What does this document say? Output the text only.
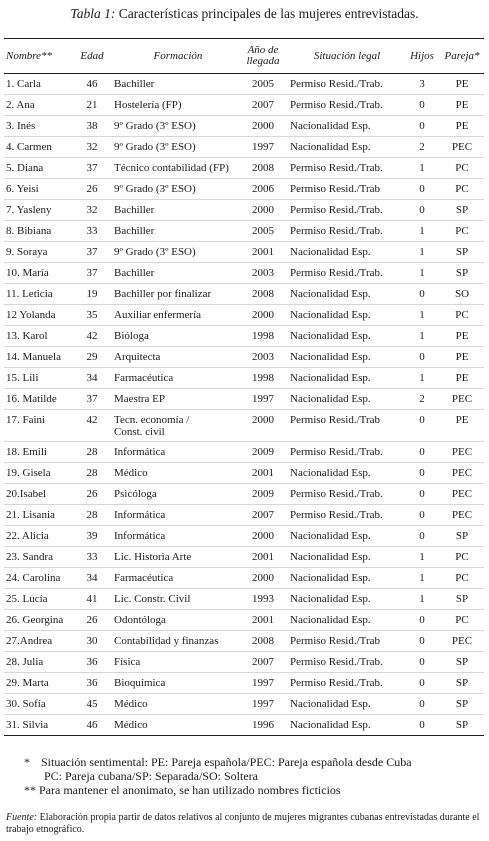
Tabla 1: Características principales de las mujeres entrevistadas.
Nombre**	Edad	Formación	Año de
llegada	Situación legal	Hijos	Pareja*
1. Carla	46	Bachiller	2005	Permiso Resid./Trab.	3	PE
2. Ana	21	Hostelería (FP)	2007	Permiso Resid./Trab.	0	PE
3. Inés	38	9º Grado (3º ESO)	2000	Nacionalidad Esp.	0	PE
4. Carmen	32	9º Grado (3º ESO)	1997	Nacionalidad Esp.	2	PEC
5. Diana	37	Técnico contabilidad (FP)	2008	Permiso Resid./Trab.	1	PC
6. Yeisi	26	9º Grado (3º ESO)	2006	Permiso Resid./Trab	0	PC
7. Yasleny	32	Bachiller	2000	Permiso Resid./Trab.	0	SP
8. Bibiana	33	Bachiller	2005	Permiso Resid./Trab.	1	PC
9. Soraya	37	9º Grado (3º ESO)	2001	Nacionalidad Esp.	1	SP
10. María	37	Bachiller	2003	Permiso Resid./Trab.	1	SP
11. Leticia	19	Bachiller por finalizar	2008	Nacionalidad Esp.	0	SO
12 Yolanda	35	Auxiliar enfermería	2000	Nacionalidad Esp.	1	PC
13. Karol	42	Bióloga	1998	Nacionalidad Esp.	1	PE
14. Manuela	29	Arquitecta	2003	Nacionalidad Esp.	0	PE
15. Lili	34	Farmacéutica	1998	Nacionalidad Esp.	1	PE
16. Matilde	37	Maestra EP	1997	Nacionalidad Esp.	2	PEC
17. Faini	42	Tecn. economía /
Const. civil	2000	Permiso Resid./Trab	0	PE
18. Emili	28	Informática	2009	Permiso Resid./Trab.	0	PEC
19. Gisela	28	Médico	2001	Nacionalidad Esp.	0	PEC
20.Isabel	26	Psicóloga	2009	Permiso Resid./Trab.	0	PEC
21. Lisania	28	Informática	2007	Permiso Resid./Trab.	0	PEC
22. Alicia	39	Informática	2000	Nacionalidad Esp.	0	SP
23. Sandra	33	Lic. Historia Arte	2001	Nacionalidad Esp.	1	PC
24. Carolina	34	Farmacéutica	2000	Nacionalidad Esp.	1	PC
25. Lucía	41	Lic. Constr. Civil	1993	Nacionalidad Esp.	1	SP
26. Georgina	26	Odontóloga	2001	Nacionalidad Esp.	0	PC
27.Andrea	30	Contabilidad y finanzas	2008	Permiso Resid./Trab	0	PEC
28. Julia	36	Física	2007	Permiso Resid./Trab.	0	SP
29. Marta	36	Bioquímica	1997	Permiso Resid./Trab.	0	SP
30. Sofía	45	Médico	1997	Nacionalidad Esp.	0	SP
31. Silvia	46	Médico	1996	Nacionalidad Esp.	0	SP
* Situación sentimental: PE: Pareja española/PEC: Pareja española desde Cuba
PC: Pareja cubana/SP: Separada/SO: Soltera
** Para mantener el anonimato, se han utilizado nombres ficticios
Fuente: Elaboración propia partir de datos relativos al conjunto de mujeres migrantes cubanas entrevistadas durante el trabajo etnográfico.
